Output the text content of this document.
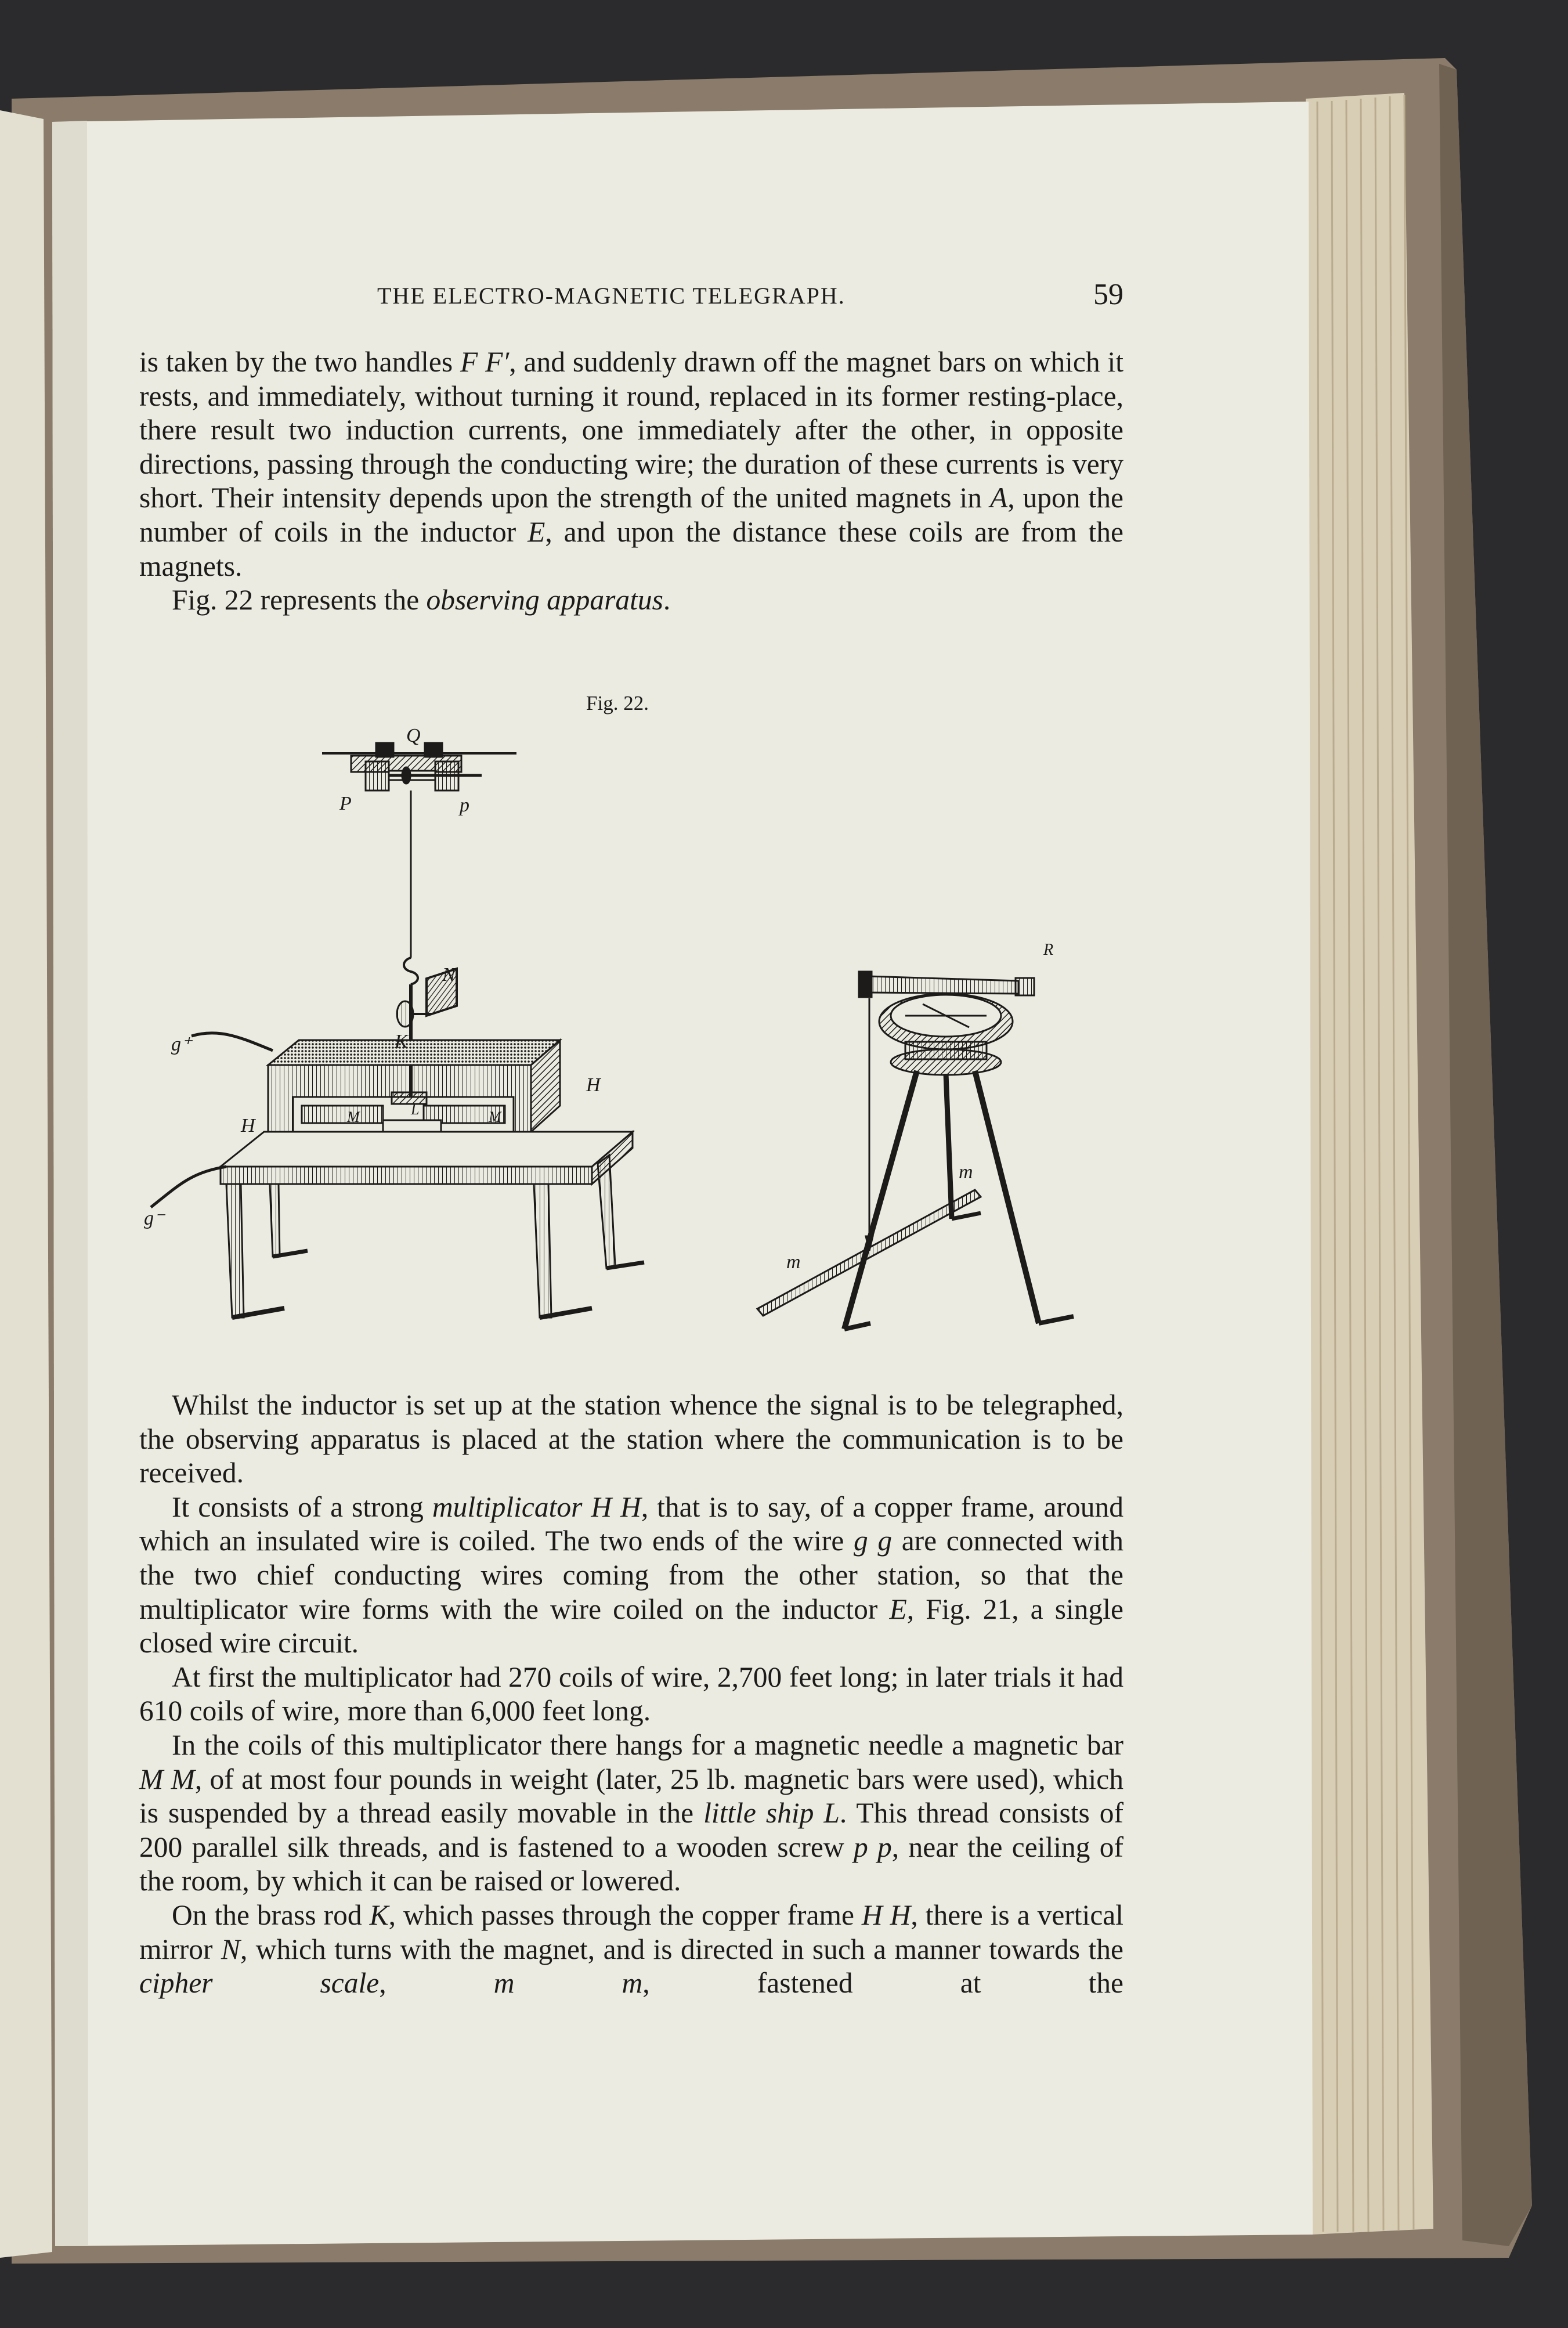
THE ELECTRO-MAGNETIC TELEGRAPH.	59

is taken by the two handles F F′, and suddenly drawn off the magnet bars on which it rests, and immediately, without turning it round, replaced in its former resting-place, there result two induction currents, one immediately after the other, in opposite directions, passing through the conducting wire; the duration of these currents is very short. Their intensity depends upon the strength of the united magnets in A, upon the number of coils in the inductor E, and upon the distance these coils are from the magnets.

Fig. 22 represents the observing apparatus.

Fig. 22.
Q
P	p
N
K
g⁺
H
H
M	L	M
g⁻
R
m
m

Whilst the inductor is set up at the station whence the signal is to be telegraphed, the observing apparatus is placed at the station where the communication is to be received.

It consists of a strong multiplicator H H, that is to say, of a copper frame, around which an insulated wire is coiled. The two ends of the wire g g are connected with the two chief conducting wires coming from the other station, so that the multiplicator wire forms with the wire coiled on the inductor E, Fig. 21, a single closed wire circuit.

At first the multiplicator had 270 coils of wire, 2,700 feet long; in later trials it had 610 coils of wire, more than 6,000 feet long.

In the coils of this multiplicator there hangs for a magnetic needle a magnetic bar M M, of at most four pounds in weight (later, 25 lb. magnetic bars were used), which is suspended by a thread easily movable in the little ship L. This thread consists of 200 parallel silk threads, and is fastened to a wooden screw p p, near the ceiling of the room, by which it can be raised or lowered.

On the brass rod K, which passes through the copper frame H H, there is a vertical mirror N, which turns with the magnet, and is directed in such a manner towards the cipher scale, m m, fastened at the
